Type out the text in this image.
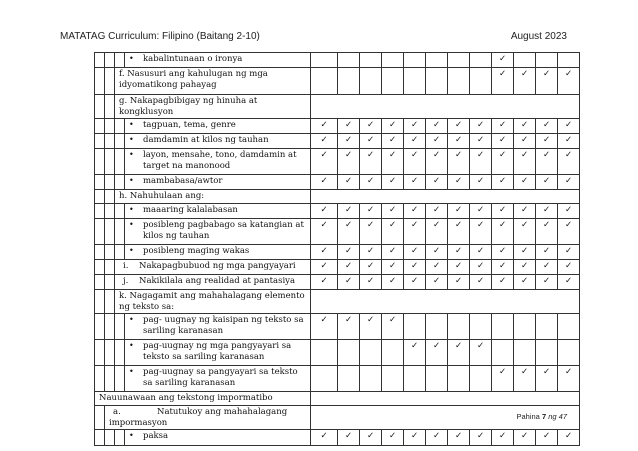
MATATAG Curriculum: Filipino (Baitang 2-10)	August 2023

			• kabalintunaan o ironya									✓			
		f. Nasusuri ang kahulugan ng mga idyomatikong pahayag										✓	✓	✓	✓
		g. Nakapagbibigay ng hinuha at kongklusyon													

			• tagpuan, tema, genre	✓	✓	✓	✓	✓	✓	✓	✓	✓	✓	✓	✓

			• damdamin at kilos ng tauhan	✓	✓	✓	✓	✓	✓	✓	✓	✓	✓	✓	✓

			• layon, mensahe, tono, damdamin at target na manonood	✓	✓	✓	✓	✓	✓	✓	✓	✓	✓	✓	✓

			• mambabasa/awtor	✓	✓	✓	✓	✓	✓	✓	✓	✓	✓	✓	✓
		h. Nahuhulaan ang:													

			• maaaring kalalabasan	✓	✓	✓	✓	✓	✓	✓	✓	✓	✓	✓	✓

			• posibleng pagbabago sa katangian at kilos ng tauhan	✓	✓	✓	✓	✓	✓	✓	✓	✓	✓	✓	✓

			• posibleng maging wakas	✓	✓	✓	✓	✓	✓	✓	✓	✓	✓	✓	✓
		i. Nakapagbubuod ng mga pangyayari		✓	✓	✓	✓	✓	✓	✓	✓	✓	✓	✓	✓
		j. Nakikilala ang realidad at pantasiya		✓	✓	✓	✓	✓	✓	✓	✓	✓	✓	✓	✓
		k. Nagagamit ang mahahalagang elemento ng teksto sa:													

			• pag- uugnay ng kaisipan ng teksto sa sariling karanasan	✓	✓	✓	✓								

			• pag-uugnay ng mga pangyayari sa teksto sa sariling karanasan					✓	✓	✓	✓				

			• pag-uugnay sa pangyayari sa teksto sa sariling karanasan									✓	✓	✓	✓
Nauunawaan ang tekstong impormatibo															
	a. Natutukoy ang mahahalagang impormasyon														

			• paksa	✓	✓	✓	✓	✓	✓	✓	✓	✓	✓	✓	✓
Pahina 7 ng 47
